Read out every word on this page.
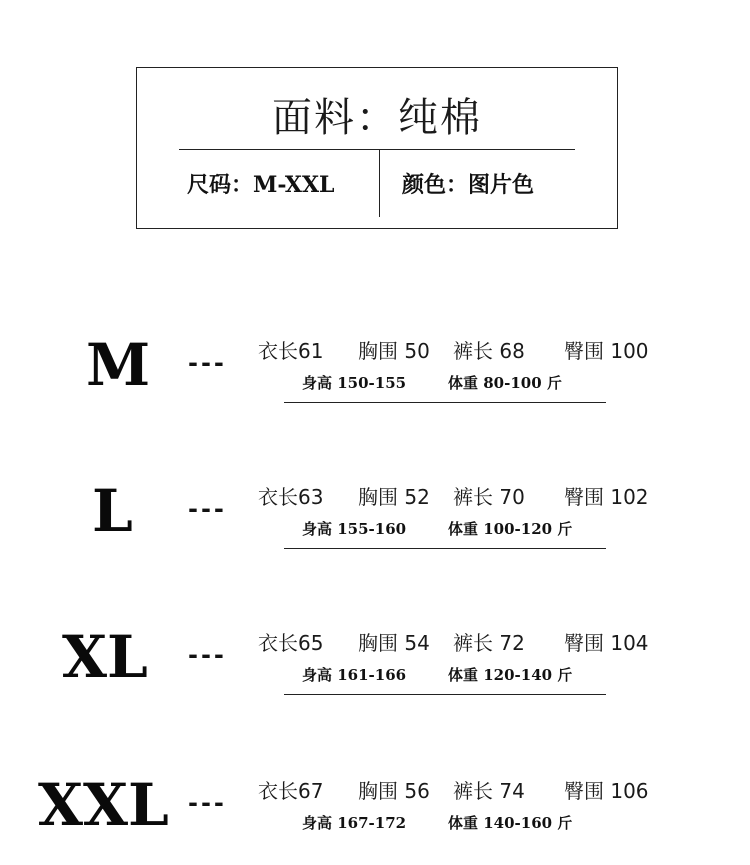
面料：纯棉
尺码：M-XXL	颜色：图片色
M --- 衣长61 胸围 50 裤长 68 臀围 100
身高 150-155	体重 80-100 斤
L --- 衣长63 胸围 52 裤长 70 臀围 102
身高 155-160	体重 100-120 斤
XL --- 衣长65 胸围 54 裤长 72 臀围 104
身高 161-166	体重 120-140 斤
XXL --- 衣长67 胸围 56 裤长 74 臀围 106
身高 167-172	体重 140-160 斤
